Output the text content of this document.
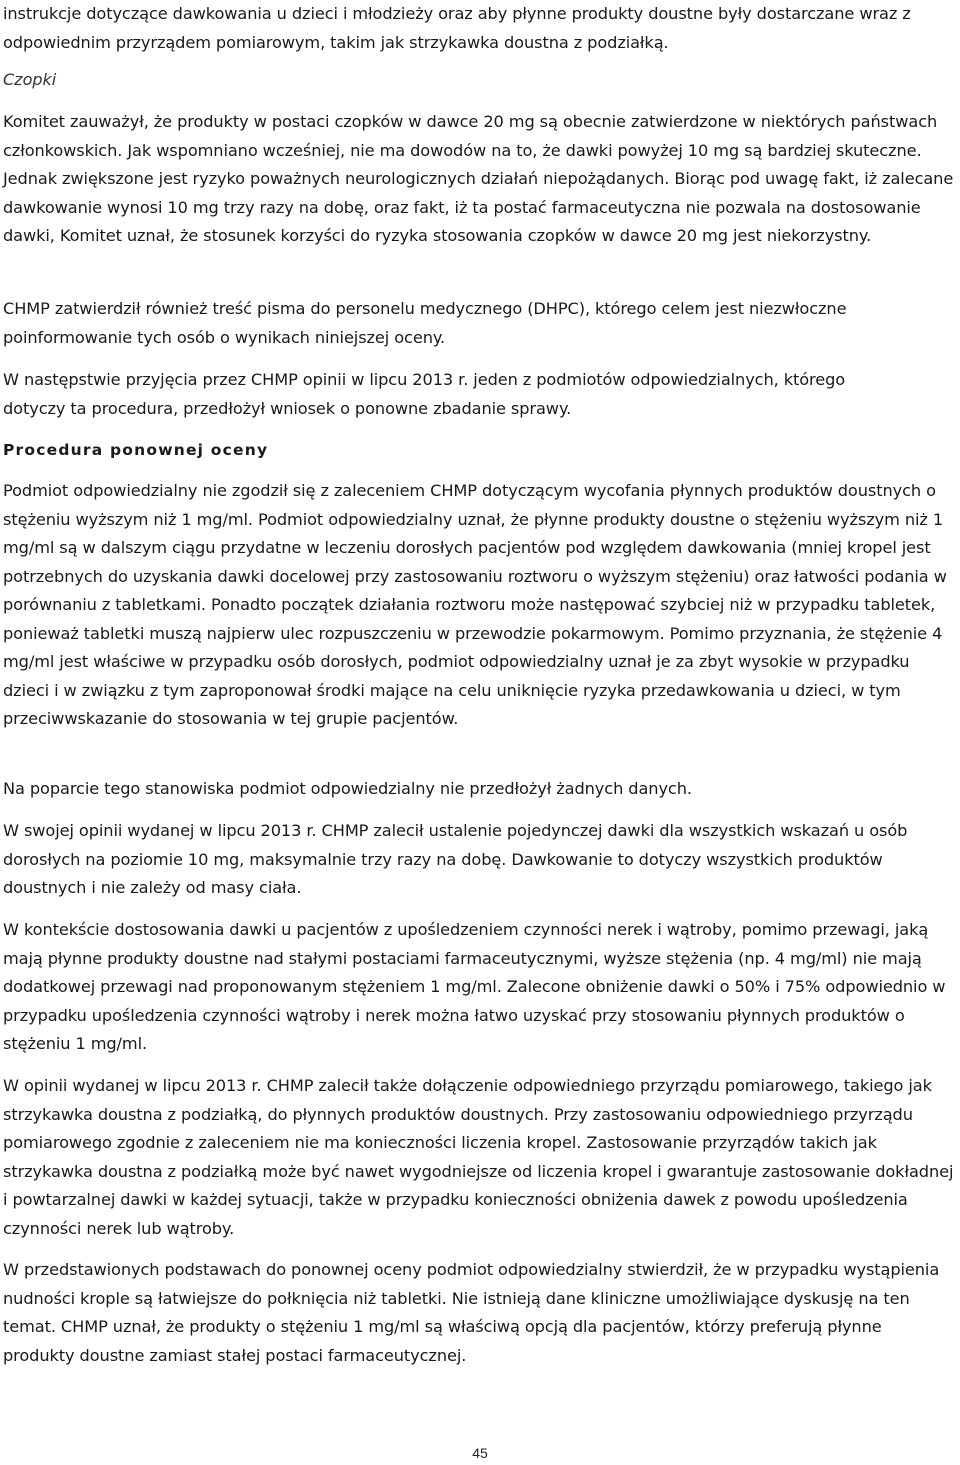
instrukcje dotyczące dawkowania u dzieci i młodzieży oraz aby płynne produkty doustne były dostarczane wraz z odpowiednim przyrządem pomiarowym, takim jak strzykawka doustna z podziałką.

Czopki

Komitet zauważył, że produkty w postaci czopków w dawce 20 mg są obecnie zatwierdzone w niektórych państwach członkowskich. Jak wspomniano wcześniej, nie ma dowodów na to, że dawki powyżej 10 mg są bardziej skuteczne. Jednak zwiększone jest ryzyko poważnych neurologicznych działań niepożądanych. Biorąc pod uwagę fakt, iż zalecane dawkowanie wynosi 10 mg trzy razy na dobę, oraz fakt, iż ta postać farmaceutyczna nie pozwala na dostosowanie dawki, Komitet uznał, że stosunek korzyści do ryzyka stosowania czopków w dawce 20 mg jest niekorzystny.

CHMP zatwierdził również treść pisma do personelu medycznego (DHPC), którego celem jest niezwłoczne poinformowanie tych osób o wynikach niniejszej oceny.

W następstwie przyjęcia przez CHMP opinii w lipcu 2013 r. jeden z podmiotów odpowiedzialnych, którego dotyczy ta procedura, przedłożył wniosek o ponowne zbadanie sprawy.

Procedura ponownej oceny

Podmiot odpowiedzialny nie zgodził się z zaleceniem CHMP dotyczącym wycofania płynnych produktów doustnych o stężeniu wyższym niż 1 mg/ml. Podmiot odpowiedzialny uznał, że płynne produkty doustne o stężeniu wyższym niż 1 mg/ml są w dalszym ciągu przydatne w leczeniu dorosłych pacjentów pod względem dawkowania (mniej kropel jest potrzebnych do uzyskania dawki docelowej przy zastosowaniu roztworu o wyższym stężeniu) oraz łatwości podania w porównaniu z tabletkami. Ponadto początek działania roztworu może następować szybciej niż w przypadku tabletek, ponieważ tabletki muszą najpierw ulec rozpuszczeniu w przewodzie pokarmowym. Pomimo przyznania, że stężenie 4 mg/ml jest właściwe w przypadku osób dorosłych, podmiot odpowiedzialny uznał je za zbyt wysokie w przypadku dzieci i w związku z tym zaproponował środki mające na celu uniknięcie ryzyka przedawkowania u dzieci, w tym przeciwwskazanie do stosowania w tej grupie pacjentów.

Na poparcie tego stanowiska podmiot odpowiedzialny nie przedłożył żadnych danych.

W swojej opinii wydanej w lipcu 2013 r. CHMP zalecił ustalenie pojedynczej dawki dla wszystkich wskazań u osób dorosłych na poziomie 10 mg, maksymalnie trzy razy na dobę. Dawkowanie to dotyczy wszystkich produktów doustnych i nie zależy od masy ciała.

W kontekście dostosowania dawki u pacjentów z upośledzeniem czynności nerek i wątroby, pomimo przewagi, jaką mają płynne produkty doustne nad stałymi postaciami farmaceutycznymi, wyższe stężenia (np. 4 mg/ml) nie mają dodatkowej przewagi nad proponowanym stężeniem 1 mg/ml. Zalecone obniżenie dawki o 50% i 75% odpowiednio w przypadku upośledzenia czynności wątroby i nerek można łatwo uzyskać przy stosowaniu płynnych produktów o stężeniu 1 mg/ml.

W opinii wydanej w lipcu 2013 r. CHMP zalecił także dołączenie odpowiedniego przyrządu pomiarowego, takiego jak strzykawka doustna z podziałką, do płynnych produktów doustnych. Przy zastosowaniu odpowiedniego przyrządu pomiarowego zgodnie z zaleceniem nie ma konieczności liczenia kropel. Zastosowanie przyrządów takich jak strzykawka doustna z podziałką może być nawet wygodniejsze od liczenia kropel i gwarantuje zastosowanie dokładnej i powtarzalnej dawki w każdej sytuacji, także w przypadku konieczności obniżenia dawek z powodu upośledzenia czynności nerek lub wątroby.

W przedstawionych podstawach do ponownej oceny podmiot odpowiedzialny stwierdził, że w przypadku wystąpienia nudności krople są łatwiejsze do połknięcia niż tabletki. Nie istnieją dane kliniczne umożliwiające dyskusję na ten temat. CHMP uznał, że produkty o stężeniu 1 mg/ml są właściwą opcją dla pacjentów, którzy preferują płynne produkty doustne zamiast stałej postaci farmaceutycznej.

45
